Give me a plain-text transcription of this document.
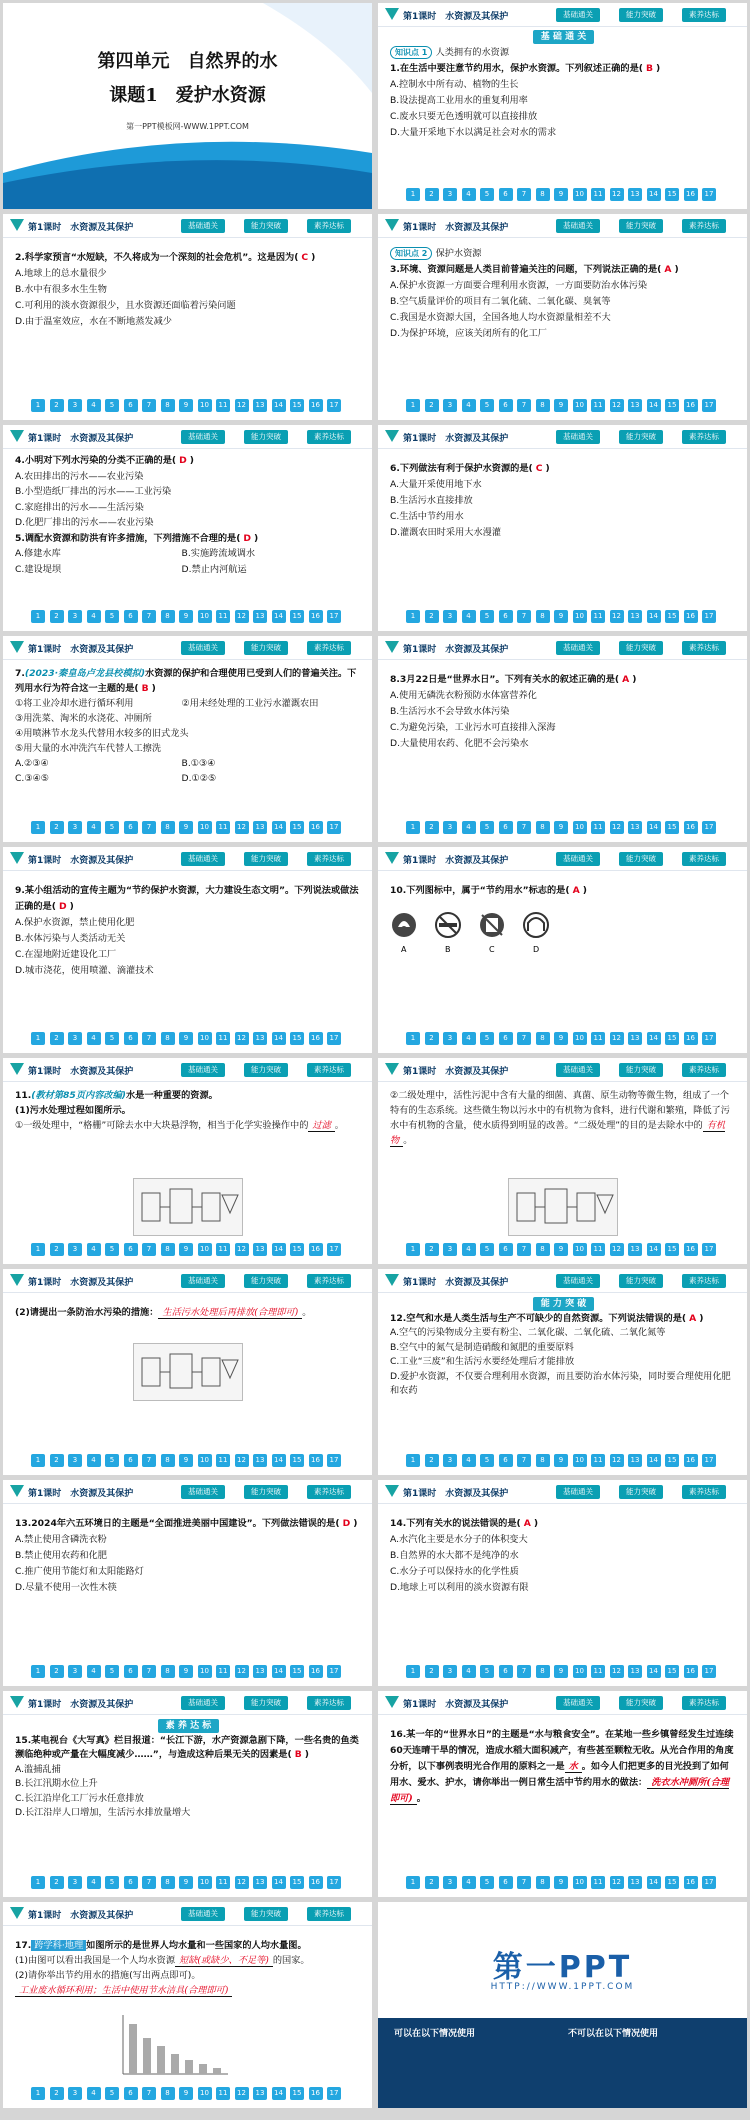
第四单元　自然界的水
课题1　爱护水资源
第一PPT模板网-WWW.1PPT.COM
第1课时　水资源及其保护	基础通关	能力突破	素养达标
基 础 通 关

知识点 1 人类拥有的水资源

1.在生活中要注意节约用水，保护水资源。下列叙述正确的是( B )

A.控制水中所有动、植物的生长

B.设法提高工业用水的重复利用率

C.废水只要无色透明就可以直接排放

D.大量开采地下水以满足社会对水的需求

1	2	3	4	5	6	7	8	9	10	11	12	13	14	15	16	17
第1课时　水资源及其保护	基础通关	能力突破	素养达标

2.科学家预言“水短缺，不久将成为一个深刻的社会危机”。这是因为( C )

A.地球上的总水量很少

B.水中有很多水生生物

C.可利用的淡水资源很少，且水资源还面临着污染问题

D.由于温室效应，水在不断地蒸发减少

1	2	3	4	5	6	7	8	9	10	11	12	13	14	15	16	17
第1课时　水资源及其保护	基础通关	能力突破	素养达标

知识点 2 保护水资源

3.环境、资源问题是人类目前普遍关注的问题，下列说法正确的是( A )

A.保护水资源一方面要合理利用水资源，一方面要防治水体污染

B.空气质量评价的项目有二氧化硫、二氧化碳、臭氧等

C.我国是水资源大国，全国各地人均水资源量相差不大

D.为保护环境，应该关闭所有的化工厂

1	2	3	4	5	6	7	8	9	10	11	12	13	14	15	16	17
第1课时　水资源及其保护	基础通关	能力突破	素养达标

4.小明对下列水污染的分类不正确的是( D )

A.农田排出的污水——农业污染

B.小型造纸厂排出的污水——工业污染

C.家庭排出的污水——生活污染

D.化肥厂排出的污水——农业污染

5.调配水资源和防洪有许多措施，下列措施不合理的是( D )

A.修建水库	B.实施跨流域调水

C.建设堤坝	D.禁止内河航运

1	2	3	4	5	6	7	8	9	10	11	12	13	14	15	16	17
第1课时　水资源及其保护	基础通关	能力突破	素养达标

6.下列做法有利于保护水资源的是( C )

A.大量开采使用地下水

B.生活污水直接排放

C.生活中节约用水

D.灌溉农田时采用大水漫灌

1	2	3	4	5	6	7	8	9	10	11	12	13	14	15	16	17
第1课时　水资源及其保护	基础通关	能力突破	素养达标

7.(2023·秦皇岛卢龙县校模拟)水资源的保护和合理使用已受到人们的普遍关注。下列用水行为符合这一主题的是( B )

①将工业冷却水进行循环利用	②用未经处理的工业污水灌溉农田

③用洗菜、淘米的水浇花、冲厕所

④用喷淋节水龙头代替用水较多的旧式龙头

⑤用大量的水冲洗汽车代替人工擦洗

A.②③④	B.①③④

C.③④⑤	D.①②⑤

1	2	3	4	5	6	7	8	9	10	11	12	13	14	15	16	17
第1课时　水资源及其保护	基础通关	能力突破	素养达标

8.3月22日是“世界水日”。下列有关水的叙述正确的是( A )

A.使用无磷洗衣粉预防水体富营养化

B.生活污水不会导致水体污染

C.为避免污染，工业污水可直接排入深海

D.大量使用农药、化肥不会污染水

1	2	3	4	5	6	7	8	9	10	11	12	13	14	15	16	17
第1课时　水资源及其保护	基础通关	能力突破	素养达标

9.某小组活动的宣传主题为“节约保护水资源，大力建设生态文明”。下列说法或做法正确的是( D )

A.保护水资源，禁止使用化肥

B.水体污染与人类活动无关

C.在湿地附近建设化工厂

D.城市浇花，使用喷灌、滴灌技术

1	2	3	4	5	6	7	8	9	10	11	12	13	14	15	16	17
第1课时　水资源及其保护	基础通关	能力突破	素养达标

10.下列图标中，属于“节约用水”标志的是( A )

A	B	C	D
1	2	3	4	5	6	7	8	9	10	11	12	13	14	15	16	17
第1课时　水资源及其保护	基础通关	能力突破	素养达标

11.(教材第85页内容改编)水是一种重要的资源。

(1)污水处理过程如图所示。

①一级处理中，“格栅”可除去水中大块悬浮物，相当于化学实验操作中的 过滤 。

1	2	3	4	5	6	7	8	9	10	11	12	13	14	15	16	17
第1课时　水资源及其保护	基础通关	能力突破	素养达标

②二级处理中，活性污泥中含有大量的细菌、真菌、原生动物等微生物，组成了一个特有的生态系统。这些微生物以污水中的有机物为食料，进行代谢和繁殖，降低了污水中有机物的含量，使水质得到明显的改善。“二级处理”的目的是去除水中的 有机物 。

1	2	3	4	5	6	7	8	9	10	11	12	13	14	15	16	17
第1课时　水资源及其保护	基础通关	能力突破	素养达标

(2)请提出一条防治水污染的措施： 生活污水处理后再排放(合理即可) 。

1	2	3	4	5	6	7	8	9	10	11	12	13	14	15	16	17
第1课时　水资源及其保护	基础通关	能力突破	素养达标
能 力 突 破

12.空气和水是人类生活与生产不可缺少的自然资源。下列说法错误的是( A )

A.空气的污染物成分主要有粉尘、二氧化碳、二氧化硫、二氧化氮等

B.空气中的氮气是制造硝酸和氮肥的重要原料

C.工业“三废”和生活污水要经处理后才能排放

D.爱护水资源，不仅要合理利用水资源，而且要防治水体污染，同时要合理使用化肥和农药

1	2	3	4	5	6	7	8	9	10	11	12	13	14	15	16	17
第1课时　水资源及其保护	基础通关	能力突破	素养达标

13.2024年六五环境日的主题是“全面推进美丽中国建设”。下列做法错误的是( D )

A.禁止使用含磷洗衣粉

B.禁止使用农药和化肥

C.推广使用节能灯和太阳能路灯

D.尽量不使用一次性木筷

1	2	3	4	5	6	7	8	9	10	11	12	13	14	15	16	17
第1课时　水资源及其保护	基础通关	能力突破	素养达标

14.下列有关水的说法错误的是( A )

A.水汽化主要是水分子的体积变大

B.自然界的水大都不是纯净的水

C.水分子可以保持水的化学性质

D.地球上可以利用的淡水资源有限

1	2	3	4	5	6	7	8	9	10	11	12	13	14	15	16	17
第1课时　水资源及其保护	基础通关	能力突破	素养达标
素 养 达 标

15.某电视台《大写真》栏目报道：“长江下游，水产资源急剧下降，一些名贵的鱼类濒临绝种或产量在大幅度减少……”，与造成这种后果无关的因素是( B )

A.滥捕乱捕

B.长江汛期水位上升

C.长江沿岸化工厂污水任意排放

D.长江沿岸人口增加，生活污水排放量增大

1	2	3	4	5	6	7	8	9	10	11	12	13	14	15	16	17
第1课时　水资源及其保护	基础通关	能力突破	素养达标

16.某一年的“世界水日”的主题是“水与粮食安全”。在某地一些乡镇曾经发生过连续60天连晴干旱的情况，造成水稻大面积减产，有些甚至颗粒无收。从光合作用的角度分析，以下事例表明光合作用的原料之一是 水 。如今人们把更多的目光投到了如何用水、爱水、护水，请你举出一例日常生活中节约用水的做法： 洗衣水冲厕所(合理即可) 。

1	2	3	4	5	6	7	8	9	10	11	12	13	14	15	16	17
第1课时　水资源及其保护	基础通关	能力突破	素养达标

17. 跨学科·地理 如图所示的是世界人均水量和一些国家的人均水量图。

(1)由图可以看出我国是一个人均水资源 短缺(或缺少、不足等) 的国家。

(2)请你举出节约用水的措施(写出两点即可)。

工业废水循环利用；生活中使用节水洁具(合理即可)

1	2	3	4	5	6	7	8	9	10	11	12	13	14	15	16	17
第一PPT
HTTP://WWW.1PPT.COM
可以在以下情况使用	不可以在以下情况使用
